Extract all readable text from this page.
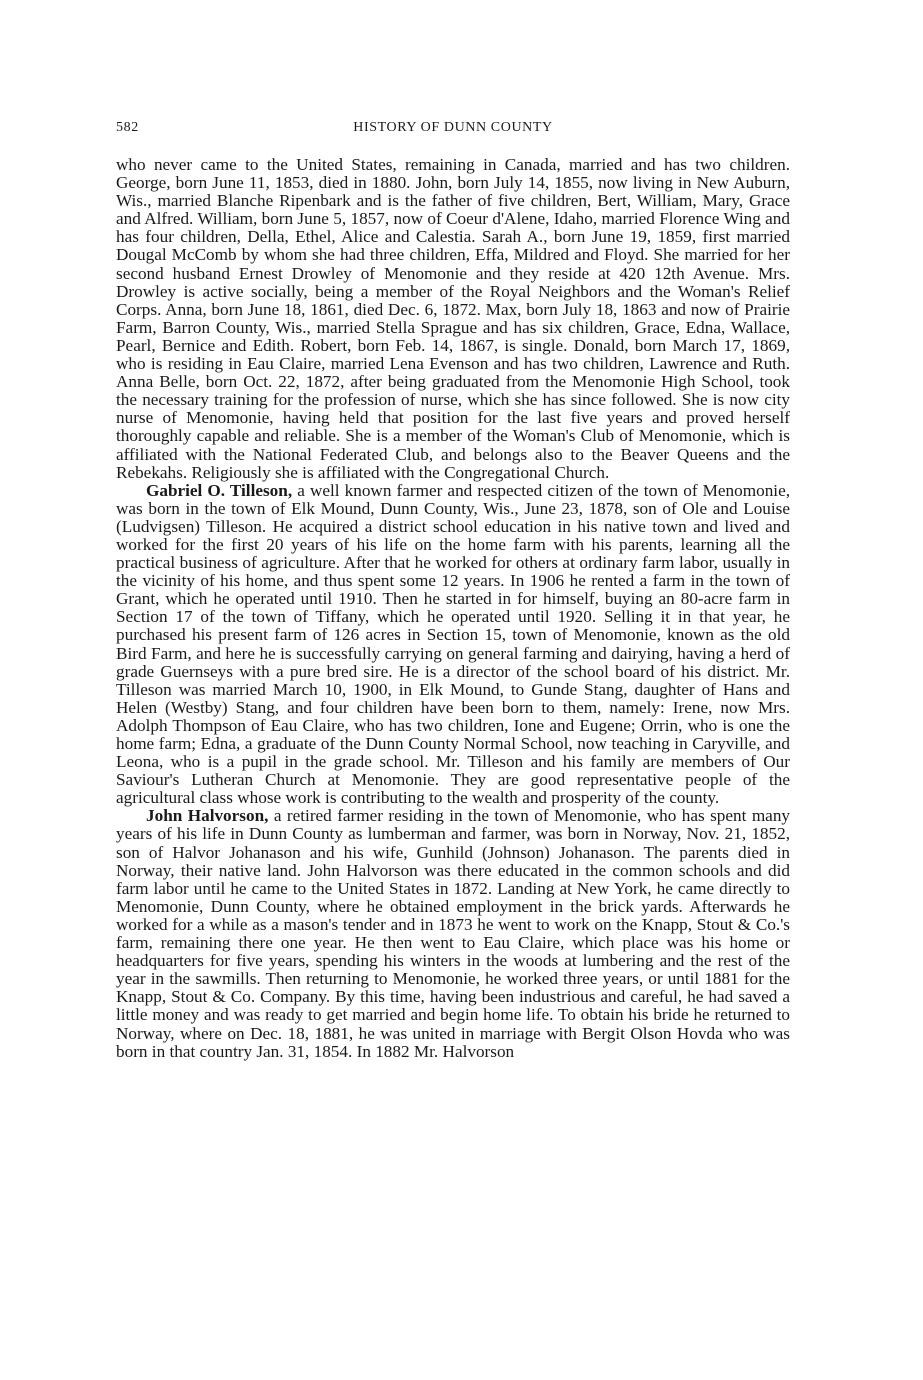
582	HISTORY OF DUNN COUNTY

who never came to the United States, remaining in Canada, married and has two children. George, born June 11, 1853, died in 1880. John, born July 14, 1855, now living in New Auburn, Wis., married Blanche Ripenbark and is the father of five children, Bert, William, Mary, Grace and Alfred. William, born June 5, 1857, now of Coeur d'Alene, Idaho, married Florence Wing and has four children, Della, Ethel, Alice and Calestia. Sarah A., born June 19, 1859, first married Dougal McComb by whom she had three children, Effa, Mildred and Floyd. She married for her second husband Ernest Drowley of Menomonie and they reside at 420 12th Avenue. Mrs. Drowley is active socially, being a member of the Royal Neighbors and the Woman's Relief Corps. Anna, born June 18, 1861, died Dec. 6, 1872. Max, born July 18, 1863 and now of Prairie Farm, Barron County, Wis., married Stella Sprague and has six children, Grace, Edna, Wallace, Pearl, Bernice and Edith. Robert, born Feb. 14, 1867, is single. Donald, born March 17, 1869, who is residing in Eau Claire, married Lena Evenson and has two children, Lawrence and Ruth. Anna Belle, born Oct. 22, 1872, after being graduated from the Menomonie High School, took the necessary training for the profession of nurse, which she has since followed. She is now city nurse of Menomonie, having held that position for the last five years and proved herself thoroughly capable and reliable. She is a member of the Woman's Club of Menomonie, which is affiliated with the National Federated Club, and belongs also to the Beaver Queens and the Rebekahs. Religiously she is affiliated with the Congregational Church.

Gabriel O. Tilleson, a well known farmer and respected citizen of the town of Menomonie, was born in the town of Elk Mound, Dunn County, Wis., June 23, 1878, son of Ole and Louise (Ludvigsen) Tilleson. He acquired a district school education in his native town and lived and worked for the first 20 years of his life on the home farm with his parents, learning all the practical business of agriculture. After that he worked for others at ordinary farm labor, usually in the vicinity of his home, and thus spent some 12 years. In 1906 he rented a farm in the town of Grant, which he operated until 1910. Then he started in for himself, buying an 80-acre farm in Section 17 of the town of Tiffany, which he operated until 1920. Selling it in that year, he purchased his present farm of 126 acres in Section 15, town of Menomonie, known as the old Bird Farm, and here he is successfully carrying on general farming and dairying, having a herd of grade Guernseys with a pure bred sire. He is a director of the school board of his district. Mr. Tilleson was married March 10, 1900, in Elk Mound, to Gunde Stang, daughter of Hans and Helen (Westby) Stang, and four children have been born to them, namely: Irene, now Mrs. Adolph Thompson of Eau Claire, who has two children, Ione and Eugene; Orrin, who is one the home farm; Edna, a graduate of the Dunn County Normal School, now teaching in Caryville, and Leona, who is a pupil in the grade school. Mr. Tilleson and his family are members of Our Saviour's Lutheran Church at Menomonie. They are good representative people of the agricultural class whose work is contributing to the wealth and prosperity of the county.

John Halvorson, a retired farmer residing in the town of Menomonie, who has spent many years of his life in Dunn County as lumberman and farmer, was born in Norway, Nov. 21, 1852, son of Halvor Johanason and his wife, Gunhild (Johnson) Johanason. The parents died in Norway, their native land. John Halvorson was there educated in the common schools and did farm labor until he came to the United States in 1872. Landing at New York, he came directly to Menomonie, Dunn County, where he obtained employment in the brick yards. Afterwards he worked for a while as a mason's tender and in 1873 he went to work on the Knapp, Stout & Co.'s farm, remaining there one year. He then went to Eau Claire, which place was his home or headquarters for five years, spending his winters in the woods at lumbering and the rest of the year in the sawmills. Then returning to Menomonie, he worked three years, or until 1881 for the Knapp, Stout & Co. Company. By this time, having been industrious and careful, he had saved a little money and was ready to get married and begin home life. To obtain his bride he returned to Norway, where on Dec. 18, 1881, he was united in marriage with Bergit Olson Hovda who was born in that country Jan. 31, 1854. In 1882 Mr. Halvorson
